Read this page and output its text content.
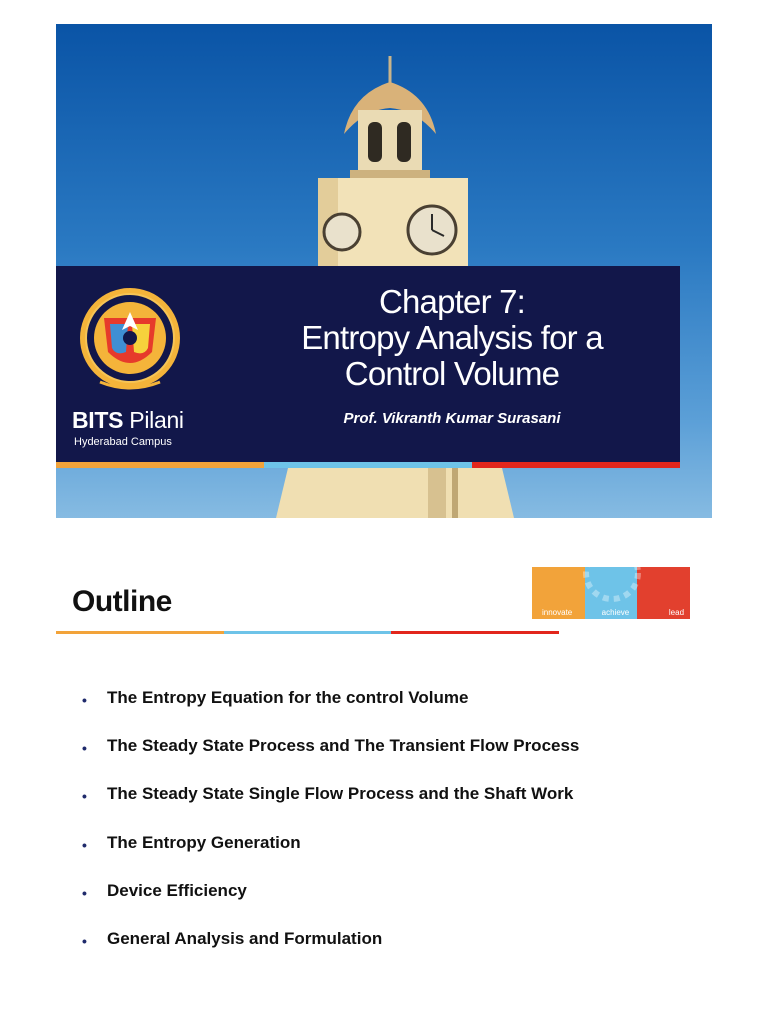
BITS Pilani
Hyderabad Campus
Chapter 7:
Entropy Analysis for a
Control Volume
Prof. Vikranth Kumar Surasani
Outline	innovate	achieve	lead
• The Entropy Equation for the control Volume
• The Steady State Process and The Transient Flow Process
• The Steady State Single Flow Process and the Shaft Work
• The Entropy Generation
• Device Efficiency
• General Analysis and Formulation
